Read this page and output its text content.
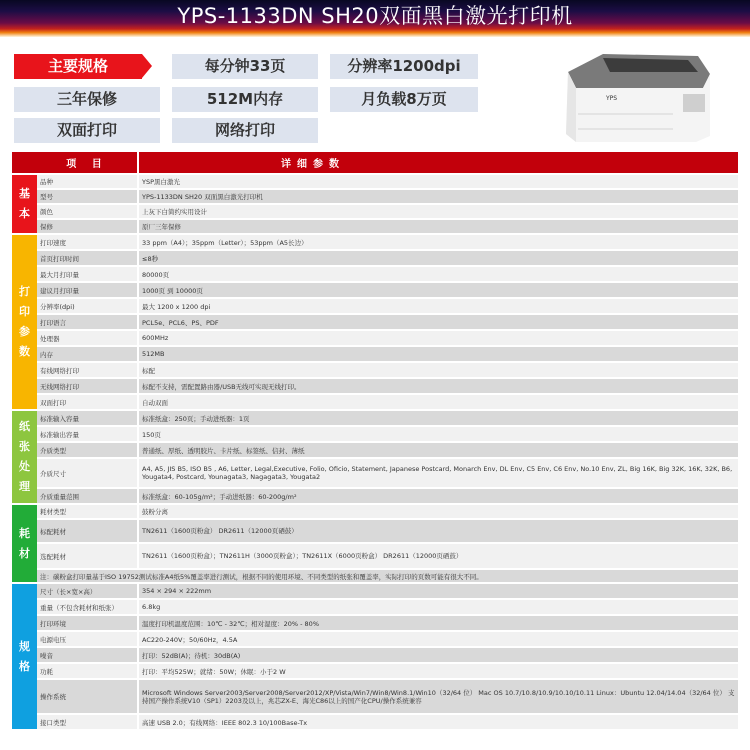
YPS-1133DN SH20双面黑白激光打印机
主要规格	每分钟33页	分辨率1200dpi
三年保修	512M内存	月负载8万页
双面打印	网络打印
YPS
	项 目	详细参数

基本	品种	YSP黑白激光
	型号	YPS-1133DN SH20 双面黑白激光打印机
	颜色	上灰下白简约实用设计
	保修	原厂三年保修

打印参数	打印速度	33 ppm（A4）；35ppm（Letter）；53ppm（A5长边）
	首页打印时间	≤8秒
	最大月打印量	80000页
	建议月打印量	1000页 到 10000页
	分辨率(dpi)	最大 1200 x 1200 dpi
	打印语言	PCL5e、PCL6、PS、PDF
	处理器	600MHz
	内存	512MB
	有线网络打印	标配
	无线网络打印	标配不支持，需配置路由器/USB无线可实现无线打印。
	双面打印	自动双面

纸张处理	标准输入容量	标准纸盒：250页；手动进纸器：1页
	标准输出容量	150页
	介质类型	普通纸、厚纸、透明胶片、卡片纸、标签纸、信封、薄纸
	介质尺寸	A4, A5, JIS B5, ISO B5 , A6, Letter, Legal,Executive, Folio, Oficio, Statement, Japanese Postcard, Monarch Env, DL Env, C5 Env, C6 Env, No.10 Env, ZL, Big 16K, Big 32K, 16K, 32K, B6, Yougata4, Postcard, Younagata3, Nagagata3, Yougata2
	介质重量范围	标准纸盒：60-105g/m²；手动进纸器：60-200g/m²

耗材	耗材类型	鼓粉分离
	标配耗材	TN2611（1600页粉盒） DR2611（12000页硒鼓）
	选配耗材	TN2611（1600页粉盒）；TN2611H（3000页粉盒）；TN2611X（6000页粉盒） DR2611（12000页硒鼓）
	注：碳粉盒打印量基于ISO 19752测试标准A4纸5%覆盖率进行测试，根据不同的使用环境、不同类型的纸张和覆盖率，实际打印的页数可能有很大不同。	

规格	尺寸（长×宽×高）	354 × 294 × 222mm
	重量（不包含耗材和纸张）	6.8kg
	打印环境	温度打印机温度范围：10℃ - 32℃；相对湿度：20% - 80%
	电源电压	AC220-240V；50/60Hz，4.5A
	噪音	打印：52dB(A)；待机：30dB(A)
	功耗	打印：平均525W；就绪：50W；休眠：小于2 W
	操作系统	Microsoft Windows Server2003/Server2008/Server2012/XP/Vista/Win7/Win8/Win8.1/Win10（32/64 位） Mac OS 10.7/10.8/10.9/10.10/10.11 Linux：Ubuntu 12.04/14.04（32/64 位） 支持国产操作系统V10（SP1）2203及以上，兆芯ZX-E、海光C86以上的国产化CPU/操作系统兼容
	接口类型	高速 USB 2.0；有线网络：IEEE 802.3 10/100Base-Tx
